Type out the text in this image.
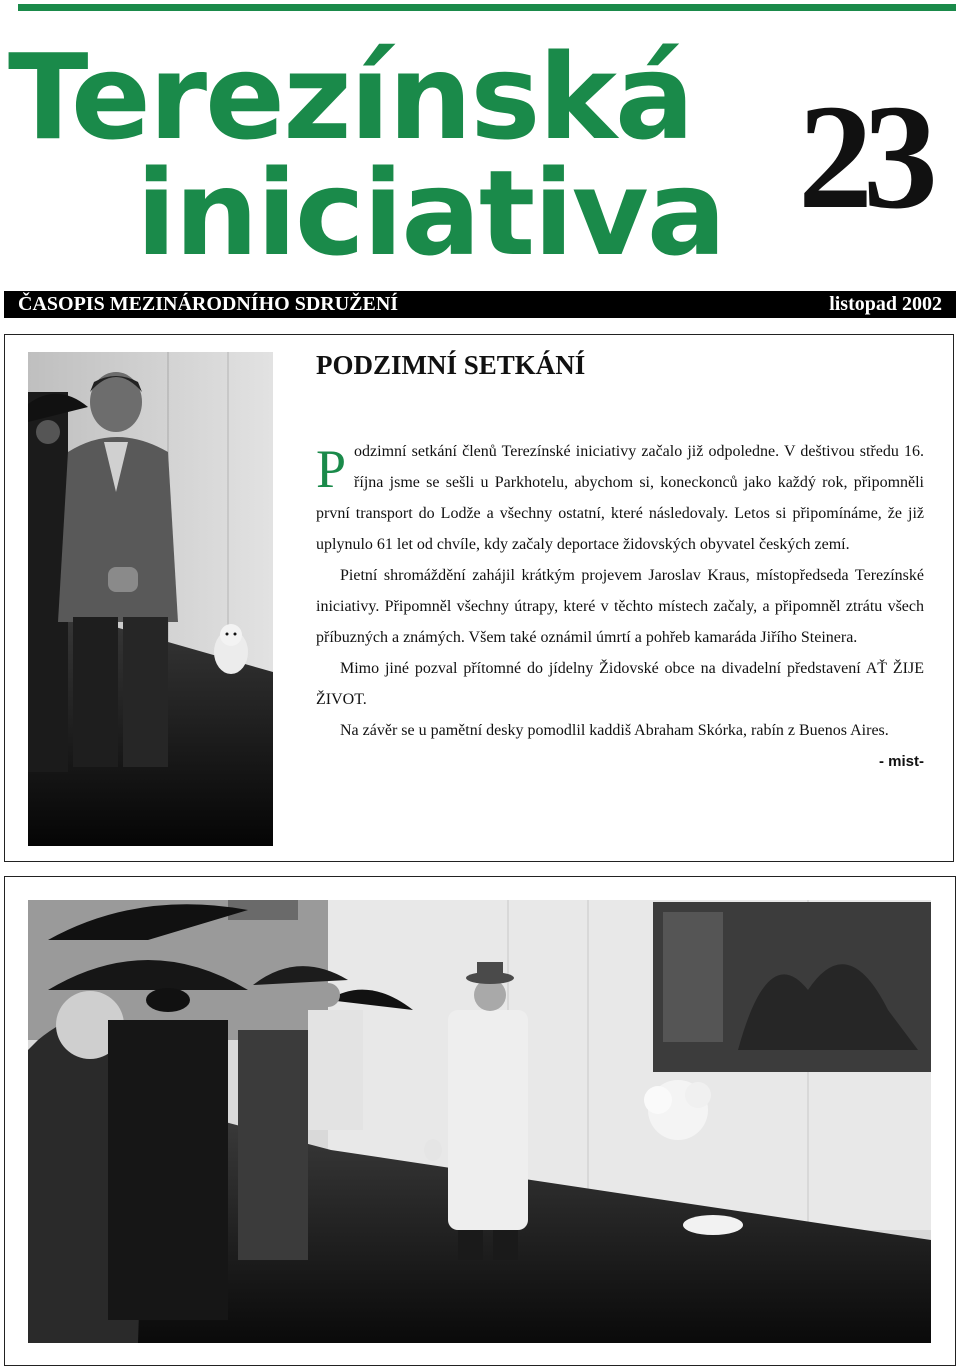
Terezínská
iniciativa 23
ČASOPIS MEZINÁRODNÍHO SDRUŽENÍ	listopad 2002
PODZIMNÍ SETKÁNÍ

Podzimní setkání členů Terezínské iniciativy začalo již odpoledne. V deštivou středu 16. října jsme se sešli u Parkhotelu, abychom si, koneckonců jako každý rok, připomněli první transport do Lodže a všechny ostatní, které následovaly. Letos si připomínáme, že již uplynulo 61 let od chvíle, kdy začaly deportace židovských obyvatel českých zemí.

Pietní shromáždění zahájil krátkým projevem Jaroslav Kraus, místopředseda Terezínské iniciativy. Připomněl všechny útrapy, které v těchto místech začaly, a připomněl ztrátu všech příbuzných a známých. Všem také oznámil úmrtí a pohřeb kamaráda Jiřího Steinera.

Mimo jiné pozval přítomné do jídelny Židovské obce na divadelní představení AŤ ŽIJE ŽIVOT.

Na závěr se u pamětní desky pomodlil kaddiš Abraham Skórka, rabín z Buenos Aires.

- mist-
